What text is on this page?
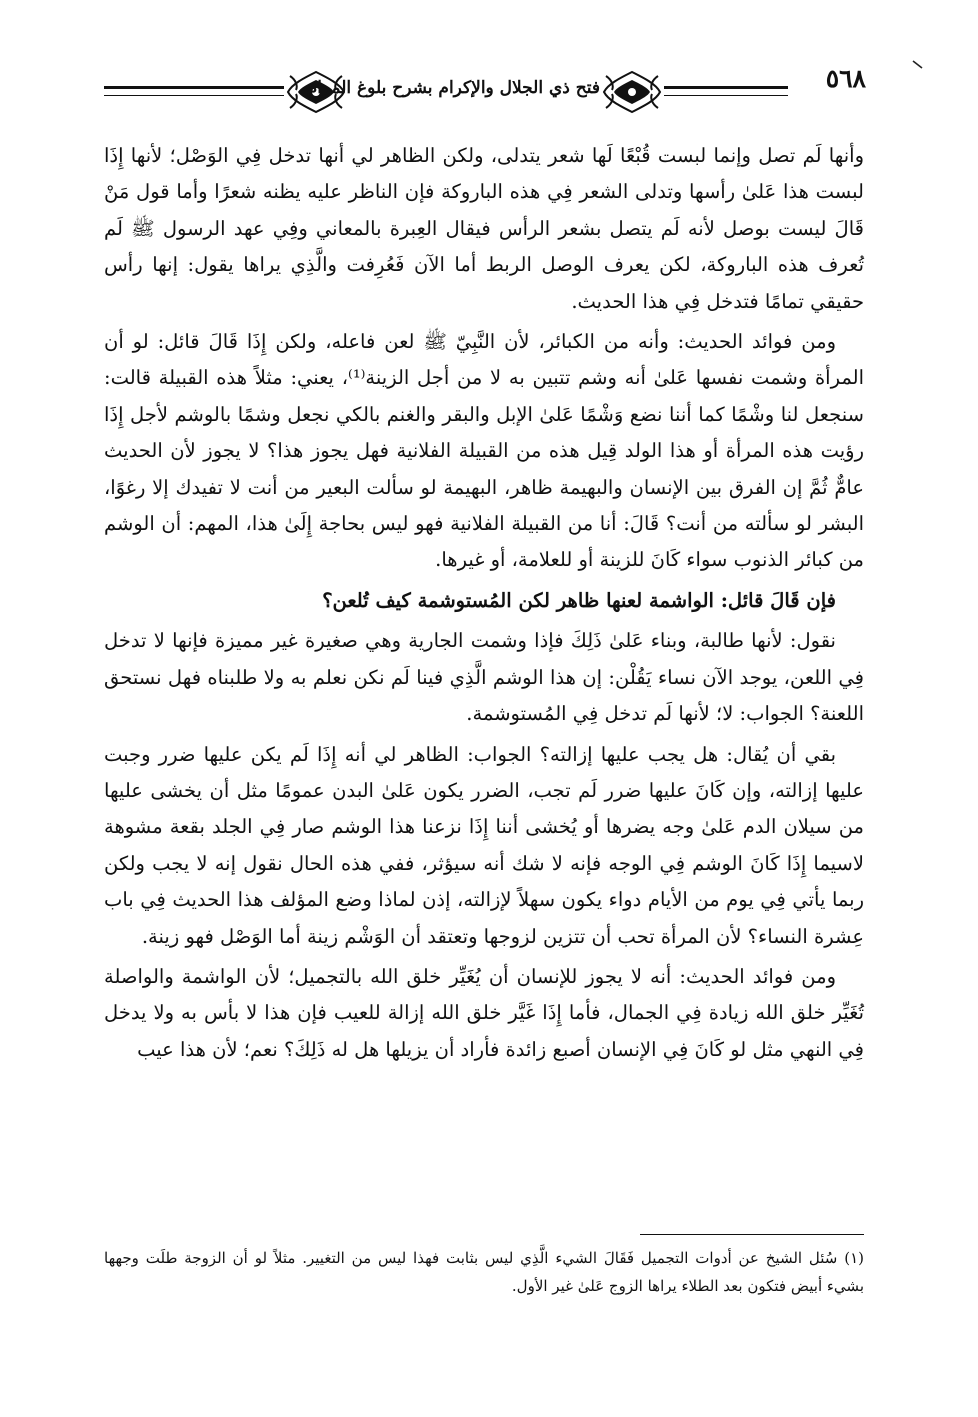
فتح ذي الجلال والإكرام بشرح بلوغ المرام	٥٦٨

وأنها لَم تصل وإنما لبست قُبْعًا لَها شعر يتدلى، ولكن الظاهر لي أنها تدخل فِي الوَصْل؛ لأنها إِذَا لبست هذا عَلىٰ رأسها وتدلى الشعر فِي هذه الباروكة فإن الناظر عليه يظنه شعرًا وأما قول مَنْ قَالَ ليست بوصل لأنه لَم يتصل بشعر الرأس فيقال العِبرة بالمعاني وفِي عهد الرسول ﷺ لَم تُعرف هذه الباروكة، لكن يعرف الوصل الربط أما الآن فَعُرِفت والَّذِي يراها يقول: إنها رأس حقيقي تمامًا فتدخل فِي هذا الحديث.

ومن فوائد الحديث: وأنه من الكبائر، لأن النَّبِيّ ﷺ لعن فاعله، ولكن إِذَا قَالَ قائل: لو أن المرأة وشمت نفسها عَلىٰ أنه وشم تتبين به لا من أجل الزينة⁽¹⁾، يعني: مثلاً هذه القبيلة قالت: سنجعل لنا وشْمًا كما أننا نضع وَشْمًا عَلىٰ الإبل والبقر والغنم بالكي نجعل وشمًا بالوشم لأجل إِذَا رؤيت هذه المرأة أو هذا الولد قِيل هذه من القبيلة الفلانية فهل يجوز هذا؟ لا يجوز لأن الحديث عامٌّ ثُمَّ إن الفرق بين الإنسان والبهيمة ظاهر، البهيمة لو سألت البعير من أنت لا تفيدك إلا رغوًا، البشر لو سألته من أنت؟ قَالَ: أنا من القبيلة الفلانية فهو ليس بحاجة إِلَىٰ هذا، المهم: أن الوشم من كبائر الذنوب سواء كَانَ للزينة أو للعلامة، أو غيرها.

فإن قَالَ قائل: الواشمة لعنها ظاهر لكن المُستوشمة كيف تُلعن؟

نقول: لأنها طالبة، وبناء عَلىٰ ذَلِكَ فإذا وشمت الجارية وهي صغيرة غير مميزة فإنها لا تدخل فِي اللعن، يوجد الآن نساء يَقُلْن: إن هذا الوشم الَّذِي فينا لَم نكن نعلم به ولا طلبناه فهل نستحق اللعنة؟ الجواب: لا؛ لأنها لَم تدخل فِي المُستوشمة.

بقي أن يُقال: هل يجب عليها إزالته؟ الجواب: الظاهر لي أنه إِذَا لَم يكن عليها ضرر وجبت عليها إزالته، وإن كَانَ عليها ضرر لَم تجب، الضرر يكون عَلىٰ البدن عمومًا مثل أن يخشى عليها من سيلان الدم عَلىٰ وجه يضرها أو يُخشى أننا إِذَا نزعنا هذا الوشم صار فِي الجلد بقعة مشوهة لاسيما إِذَا كَانَ الوشم فِي الوجه فإنه لا شك أنه سيؤثر، ففي هذه الحال نقول إنه لا يجب ولكن ربما يأتي فِي يوم من الأيام دواء يكون سهلاً لإزالته، إذن لماذا وضع المؤلف هذا الحديث فِي باب عِشرة النساء؟ لأن المرأة تحب أن تتزين لزوجها وتعتقد أن الوَشْم زينة أما الوَصْل فهو زينة.

ومن فوائد الحديث: أنه لا يجوز للإنسان أن يُغَيِّر خلق الله بالتجميل؛ لأن الواشمة والواصلة تُغَيِّر خلق الله زيادة فِي الجمال، فأما إِذَا غَيَّر خلق الله إزالة للعيب فإن هذا لا بأس به ولا يدخل فِي النهي مثل لو كَانَ فِي الإنسان أصبع زائدة فأراد أن يزيلها هل له ذَلِكَ؟ نعم؛ لأن هذا عيب

(١) سُئل الشيخ عن أدوات التجميل فَقَالَ الشيء الَّذِي ليس بثابت فهذا ليس من التغيير. مثلاً لو أن الزوجة طلَت وجهها بشيء أبيض فتكون بعد الطلاء يراها الزوج عَلىٰ غير الأول.
